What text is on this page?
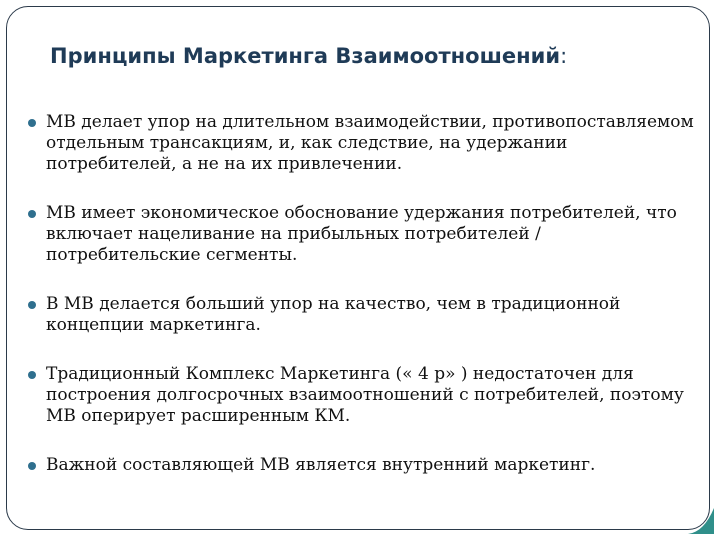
Принципы Маркетинга Взаимоотношений:
МВ делает упор на длительном взаимодействии, противопоставляемом отдельным трансакциям, и, как следствие, на удержании потребителей, а не на их привлечении.
МВ имеет экономическое обоснование удержания потребителей, что включает нацеливание на прибыльных потребителей / потребительские сегменты.
В МВ делается больший упор на качество, чем в традиционной концепции маркетинга.
Традиционный Комплекс Маркетинга (« 4 р» ) недостаточен для построения долгосрочных взаимоотношений с потребителей, поэтому МВ оперирует расширенным КМ.
Важной составляющей МВ является внутренний маркетинг.
